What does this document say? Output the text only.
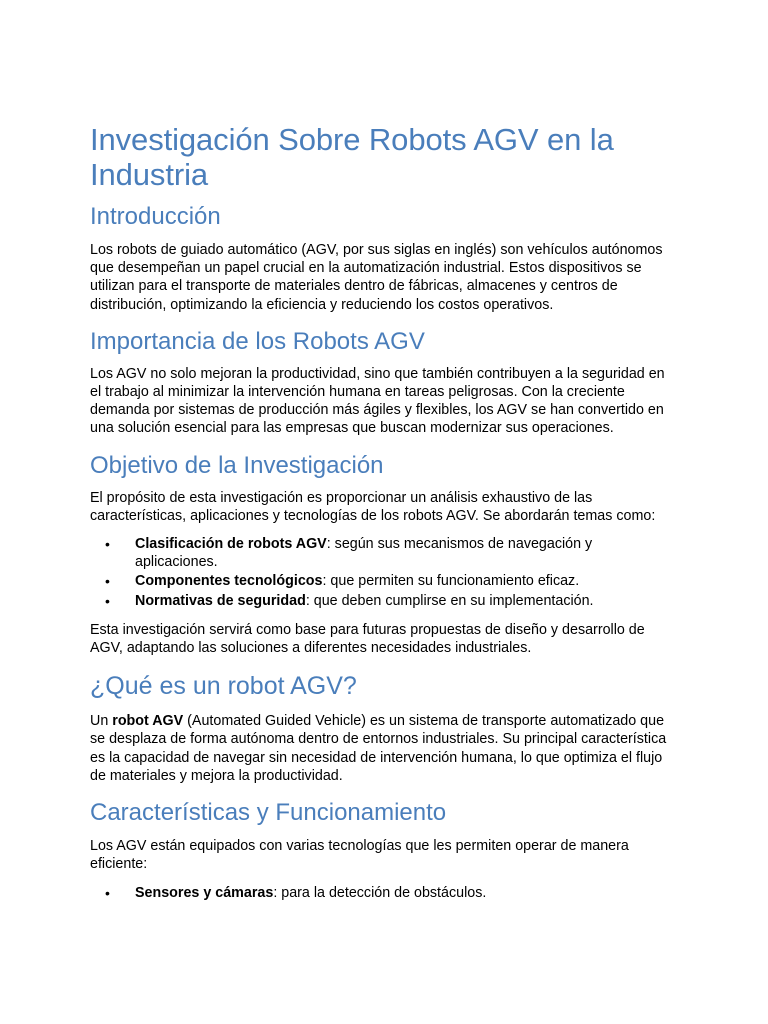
Investigación Sobre Robots AGV en la Industria
Introducción

Los robots de guiado automático (AGV, por sus siglas en inglés) son vehículos autónomos que desempeñan un papel crucial en la automatización industrial. Estos dispositivos se utilizan para el transporte de materiales dentro de fábricas, almacenes y centros de distribución, optimizando la eficiencia y reduciendo los costos operativos.

Importancia de los Robots AGV

Los AGV no solo mejoran la productividad, sino que también contribuyen a la seguridad en el trabajo al minimizar la intervención humana en tareas peligrosas. Con la creciente demanda por sistemas de producción más ágiles y flexibles, los AGV se han convertido en una solución esencial para las empresas que buscan modernizar sus operaciones.

Objetivo de la Investigación

El propósito de esta investigación es proporcionar un análisis exhaustivo de las características, aplicaciones y tecnologías de los robots AGV. Se abordarán temas como:

• Clasificación de robots AGV: según sus mecanismos de navegación y aplicaciones.
• Componentes tecnológicos: que permiten su funcionamiento eficaz.
• Normativas de seguridad: que deben cumplirse en su implementación.

Esta investigación servirá como base para futuras propuestas de diseño y desarrollo de AGV, adaptando las soluciones a diferentes necesidades industriales.

¿Qué es un robot AGV?

Un robot AGV (Automated Guided Vehicle) es un sistema de transporte automatizado que se desplaza de forma autónoma dentro de entornos industriales. Su principal característica es la capacidad de navegar sin necesidad de intervención humana, lo que optimiza el flujo de materiales y mejora la productividad.

Características y Funcionamiento

Los AGV están equipados con varias tecnologías que les permiten operar de manera eficiente:

• Sensores y cámaras: para la detección de obstáculos.
